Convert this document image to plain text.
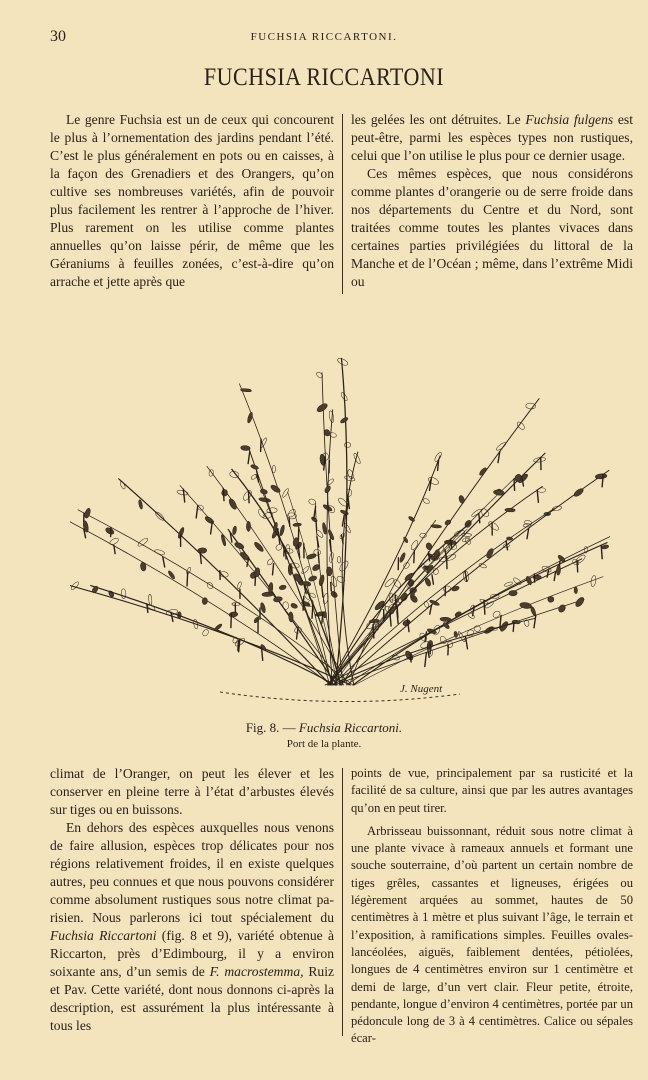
30	FUCHSIA RICCARTONI.
FUCHSIA RICCARTONI

Le genre Fuchsia est un de ceux qui concourent le plus à l’ornementation des jardins pendant l’été. C’est le plus généralement en pots ou en caisses, à la façon des Grenadiers et des Orangers, qu’on cultive ses nombreuses variétés, afin de pouvoir plus facilement les rentrer à l’approche de l’hiver. Plus rarement on les utilise comme plantes annuelles qu’on laisse périr, de même que les Géraniums à feuilles zonées, c’est-à-dire qu’on arrache et jette après que

les gelées les ont détruites. Le Fuchsia fulgens est peut-être, parmi les espèces types non rustiques, celui que l’on utilise le plus pour ce dernier usage.

Ces mêmes espèces, que nous considérons comme plantes d’orangerie ou de serre froide dans nos départements du Centre et du Nord, sont traitées comme toutes les plantes vivaces dans certaines parties privilégiées du littoral de la Manche et de l’Océan ; même, dans l’extrême Midi ou

J. Nugent
Fig. 8. — Fuchsia Riccartoni.
Port de la plante.

climat de l’Oranger, on peut les élever et les conserver en pleine terre à l’état d’arbustes élevés sur tiges ou en buissons.

En dehors des espèces auxquelles nous venons de faire allusion, espèces trop délicates pour nos régions relativement froides, il en existe quelques autres, peu connues et que nous pouvons considérer comme absolument rustiques sous notre climat parisien. Nous parlerons ici tout spécialement du Fuchsia Riccartoni (fig. 8 et 9), variété obtenue à Riccarton, près d’Edimbourg, il y a environ soixante ans, d’un semis de F. macrostemma, Ruiz et Pav. Cette variété, dont nous donnons ci-après la description, est assurément la plus intéressante à tous les

points de vue, principalement par sa rusticité et la facilité de sa culture, ainsi que par les autres avantages qu’on en peut tirer.

Arbrisseau buissonnant, réduit sous notre climat à une plante vivace à rameaux annuels et formant une souche souterraine, d’où partent un certain nombre de tiges grêles, cassantes et ligneuses, érigées ou légèrement arquées au sommet, hautes de 50 centimètres à 1 mètre et plus suivant l’âge, le terrain et l’exposition, à ramifications simples. Feuilles ovales-lancéolées, aiguës, faiblement dentées, pétiolées, longues de 4 centimètres environ sur 1 centimètre et demi de large, d’un vert clair. Fleur petite, étroite, pendante, longue d’environ 4 centimètres, portée par un pédoncule long de 3 à 4 centimètres. Calice ou sépales écar-
